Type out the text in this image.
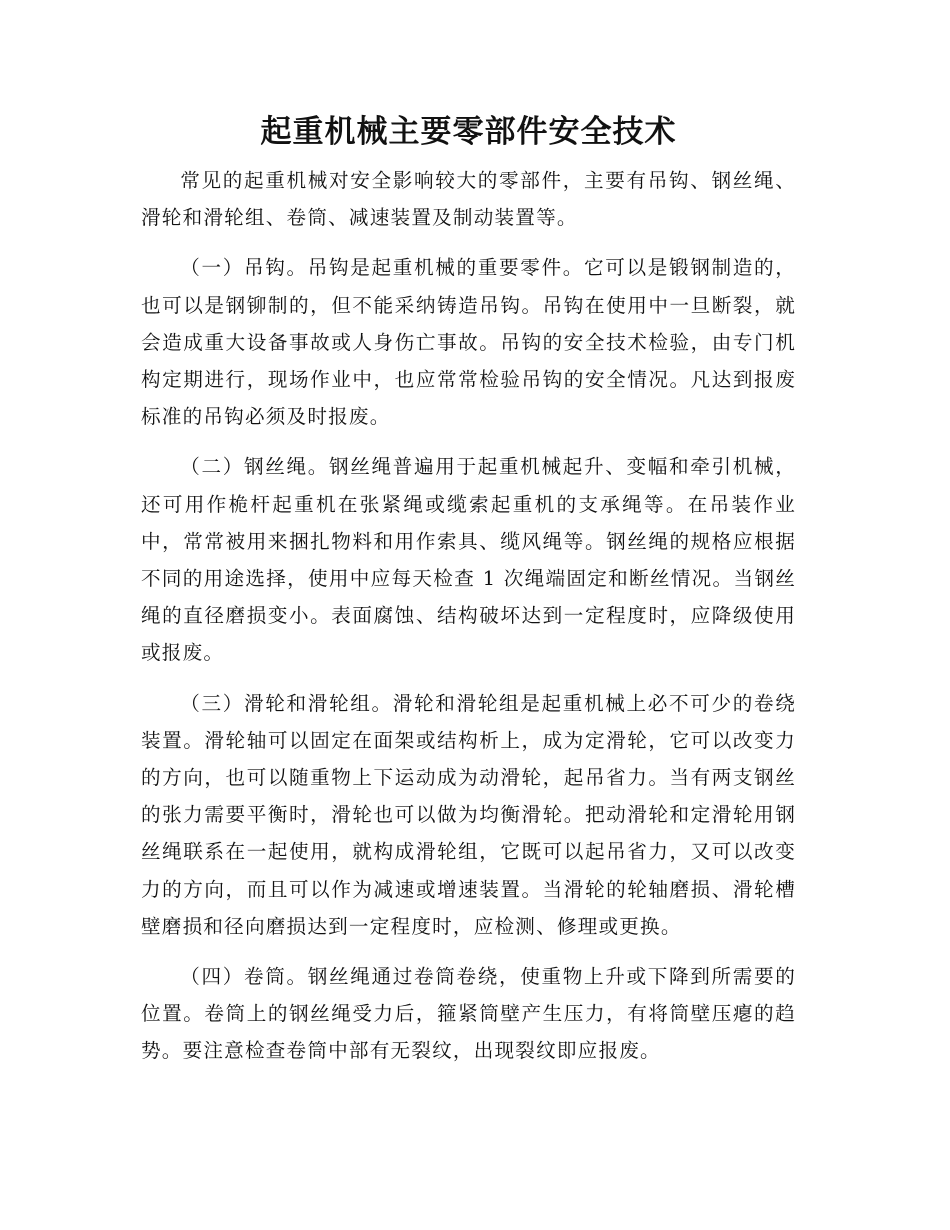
起重机械主要零部件安全技术

常见的起重机械对安全影响较大的零部件，主要有吊钩、钢丝绳、滑轮和滑轮组、卷筒、减速装置及制动装置等。

（一）吊钩。吊钩是起重机械的重要零件。它可以是锻钢制造的，也可以是钢铆制的，但不能采纳铸造吊钩。吊钩在使用中一旦断裂，就会造成重大设备事故或人身伤亡事故。吊钩的安全技术检验，由专门机构定期进行，现场作业中，也应常常检验吊钩的安全情况。凡达到报废标准的吊钩必须及时报废。

（二）钢丝绳。钢丝绳普遍用于起重机械起升、变幅和牵引机械，还可用作桅杆起重机在张紧绳或缆索起重机的支承绳等。在吊装作业中，常常被用来捆扎物料和用作索具、缆风绳等。钢丝绳的规格应根据不同的用途选择，使用中应每天检查 1 次绳端固定和断丝情况。当钢丝绳的直径磨损变小。表面腐蚀、结构破坏达到一定程度时，应降级使用或报废。

（三）滑轮和滑轮组。滑轮和滑轮组是起重机械上必不可少的卷绕装置。滑轮轴可以固定在面架或结构析上，成为定滑轮，它可以改变力的方向，也可以随重物上下运动成为动滑轮，起吊省力。当有两支钢丝的张力需要平衡时，滑轮也可以做为均衡滑轮。把动滑轮和定滑轮用钢丝绳联系在一起使用，就构成滑轮组，它既可以起吊省力，又可以改变力的方向，而且可以作为减速或增速装置。当滑轮的轮轴磨损、滑轮槽壁磨损和径向磨损达到一定程度时，应检测、修理或更换。

（四）卷筒。钢丝绳通过卷筒卷绕，使重物上升或下降到所需要的位置。卷筒上的钢丝绳受力后，箍紧筒壁产生压力，有将筒壁压瘪的趋势。要注意检查卷筒中部有无裂纹，出现裂纹即应报废。
